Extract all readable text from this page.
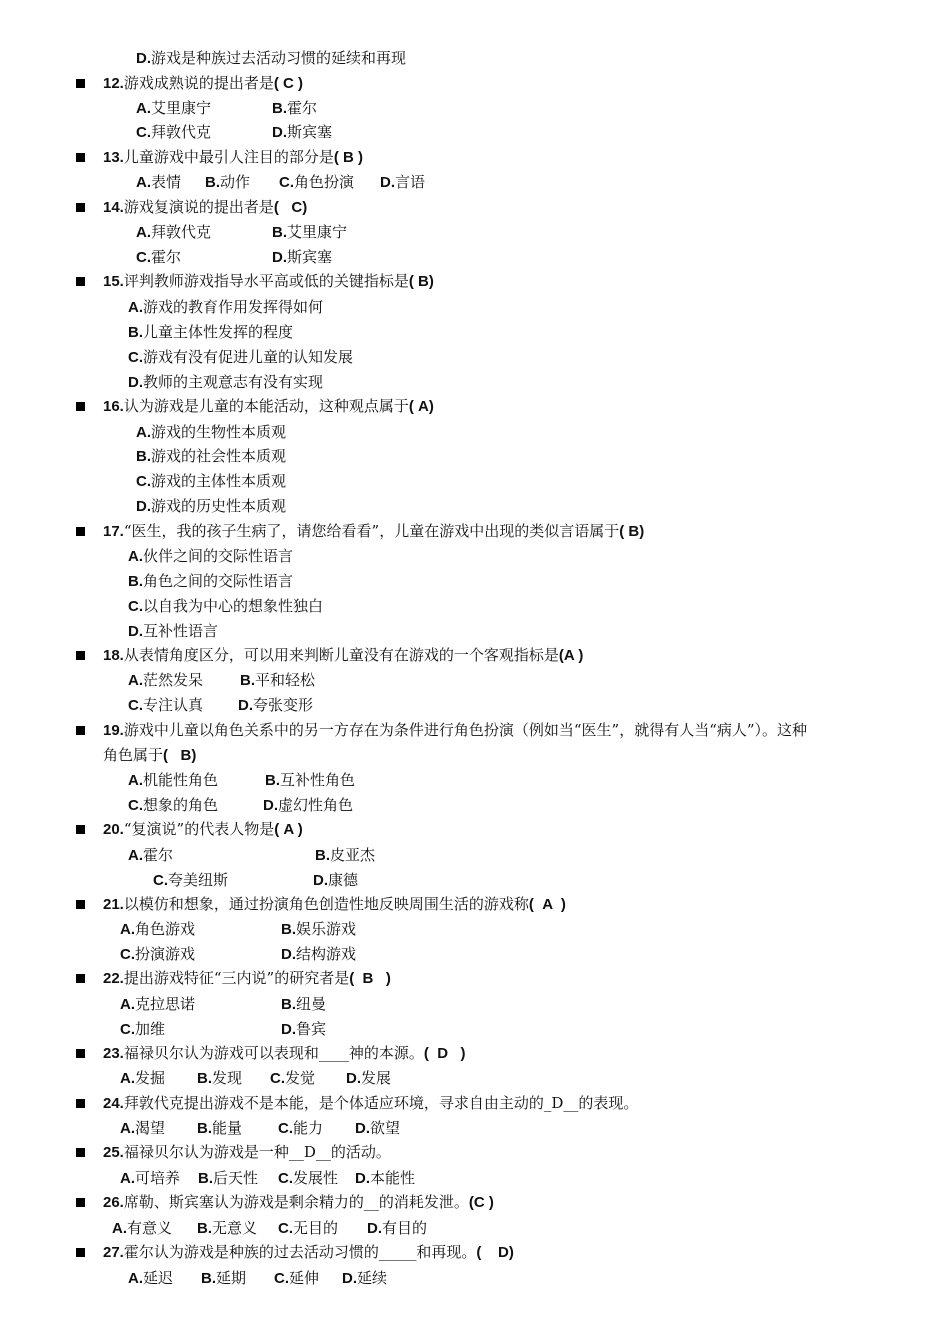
D.游戏是种族过去活动习惯的延续和再现
12.游戏成熟说的提出者是( C )
13.儿童游戏中最引人注目的部分是( B )
14.游戏复演说的提出者是(   C)
15.评判教师游戏指导水平高或低的关键指标是( B)
16.认为游戏是儿童的本能活动，这种观点属于( A)
17.“医生，我的孩子生病了，请您给看看”，儿童在游戏中出现的类似言语属于( B)
18.从表情角度区分，可以用来判断儿童没有在游戏的一个客观指标是(A )
19.游戏中儿童以角色关系中的另一方存在为条件进行角色扮演（例如当“医生”，就得有人当“病人”）。这种
角色属于(   B)
20.“复演说”的代表人物是( A )
21.以模仿和想象，通过扮演角色创造性地反映周围生活的游戏称(  A  )
22.提出游戏特征“三内说”的研究者是(  B   )
23.福禄贝尔认为游戏可以表现和____神的本源。(  D   )
24.拜敦代克提出游戏不是本能，是个体适应环境，寻求自由主动的_D__的表现。
25.福禄贝尔认为游戏是一种__D__的活动。
26.席勒、斯宾塞认为游戏是剩余精力的__的消耗发泄。(C )
27.霍尔认为游戏是种族的过去活动习惯的_____和再现。(    D)
A.艾里康宁	B.霍尔
C.拜敦代克	D.斯宾塞
A.表情 B.动作 C.角色扮演 D.言语
A.拜敦代克	B.艾里康宁
C.霍尔	D.斯宾塞
A.游戏的教育作用发挥得如何
B.儿童主体性发挥的程度
C.游戏有没有促进儿童的认知发展
D.教师的主观意志有没有实现
A.游戏的生物性本质观
B.游戏的社会性本质观
C.游戏的主体性本质观
D.游戏的历史性本质观
A.伙伴之间的交际性语言
B.角色之间的交际性语言
C.以自我为中心的想象性独白
D.互补性语言
A.茫然发呆 B.平和轻松
C.专注认真 D.夸张变形
A.机能性角色	B.互补性角色
C.想象的角色	D.虚幻性角色
A.霍尔	B.皮亚杰
C.夸美纽斯	D.康德
A.角色游戏	B.娱乐游戏
C.扮演游戏	D.结构游戏
A.克拉思诺	B.纽曼
C.加维	D.鲁宾
A.发掘 B.发现 C.发觉 D.发展
A.渴望 B.能量 C.能力 D.欲望
A.可培养 B.后天性 C.发展性 D.本能性
A.有意义 B.无意义 C.无目的 D.有目的
A.延迟 B.延期 C.延伸 D.延续
